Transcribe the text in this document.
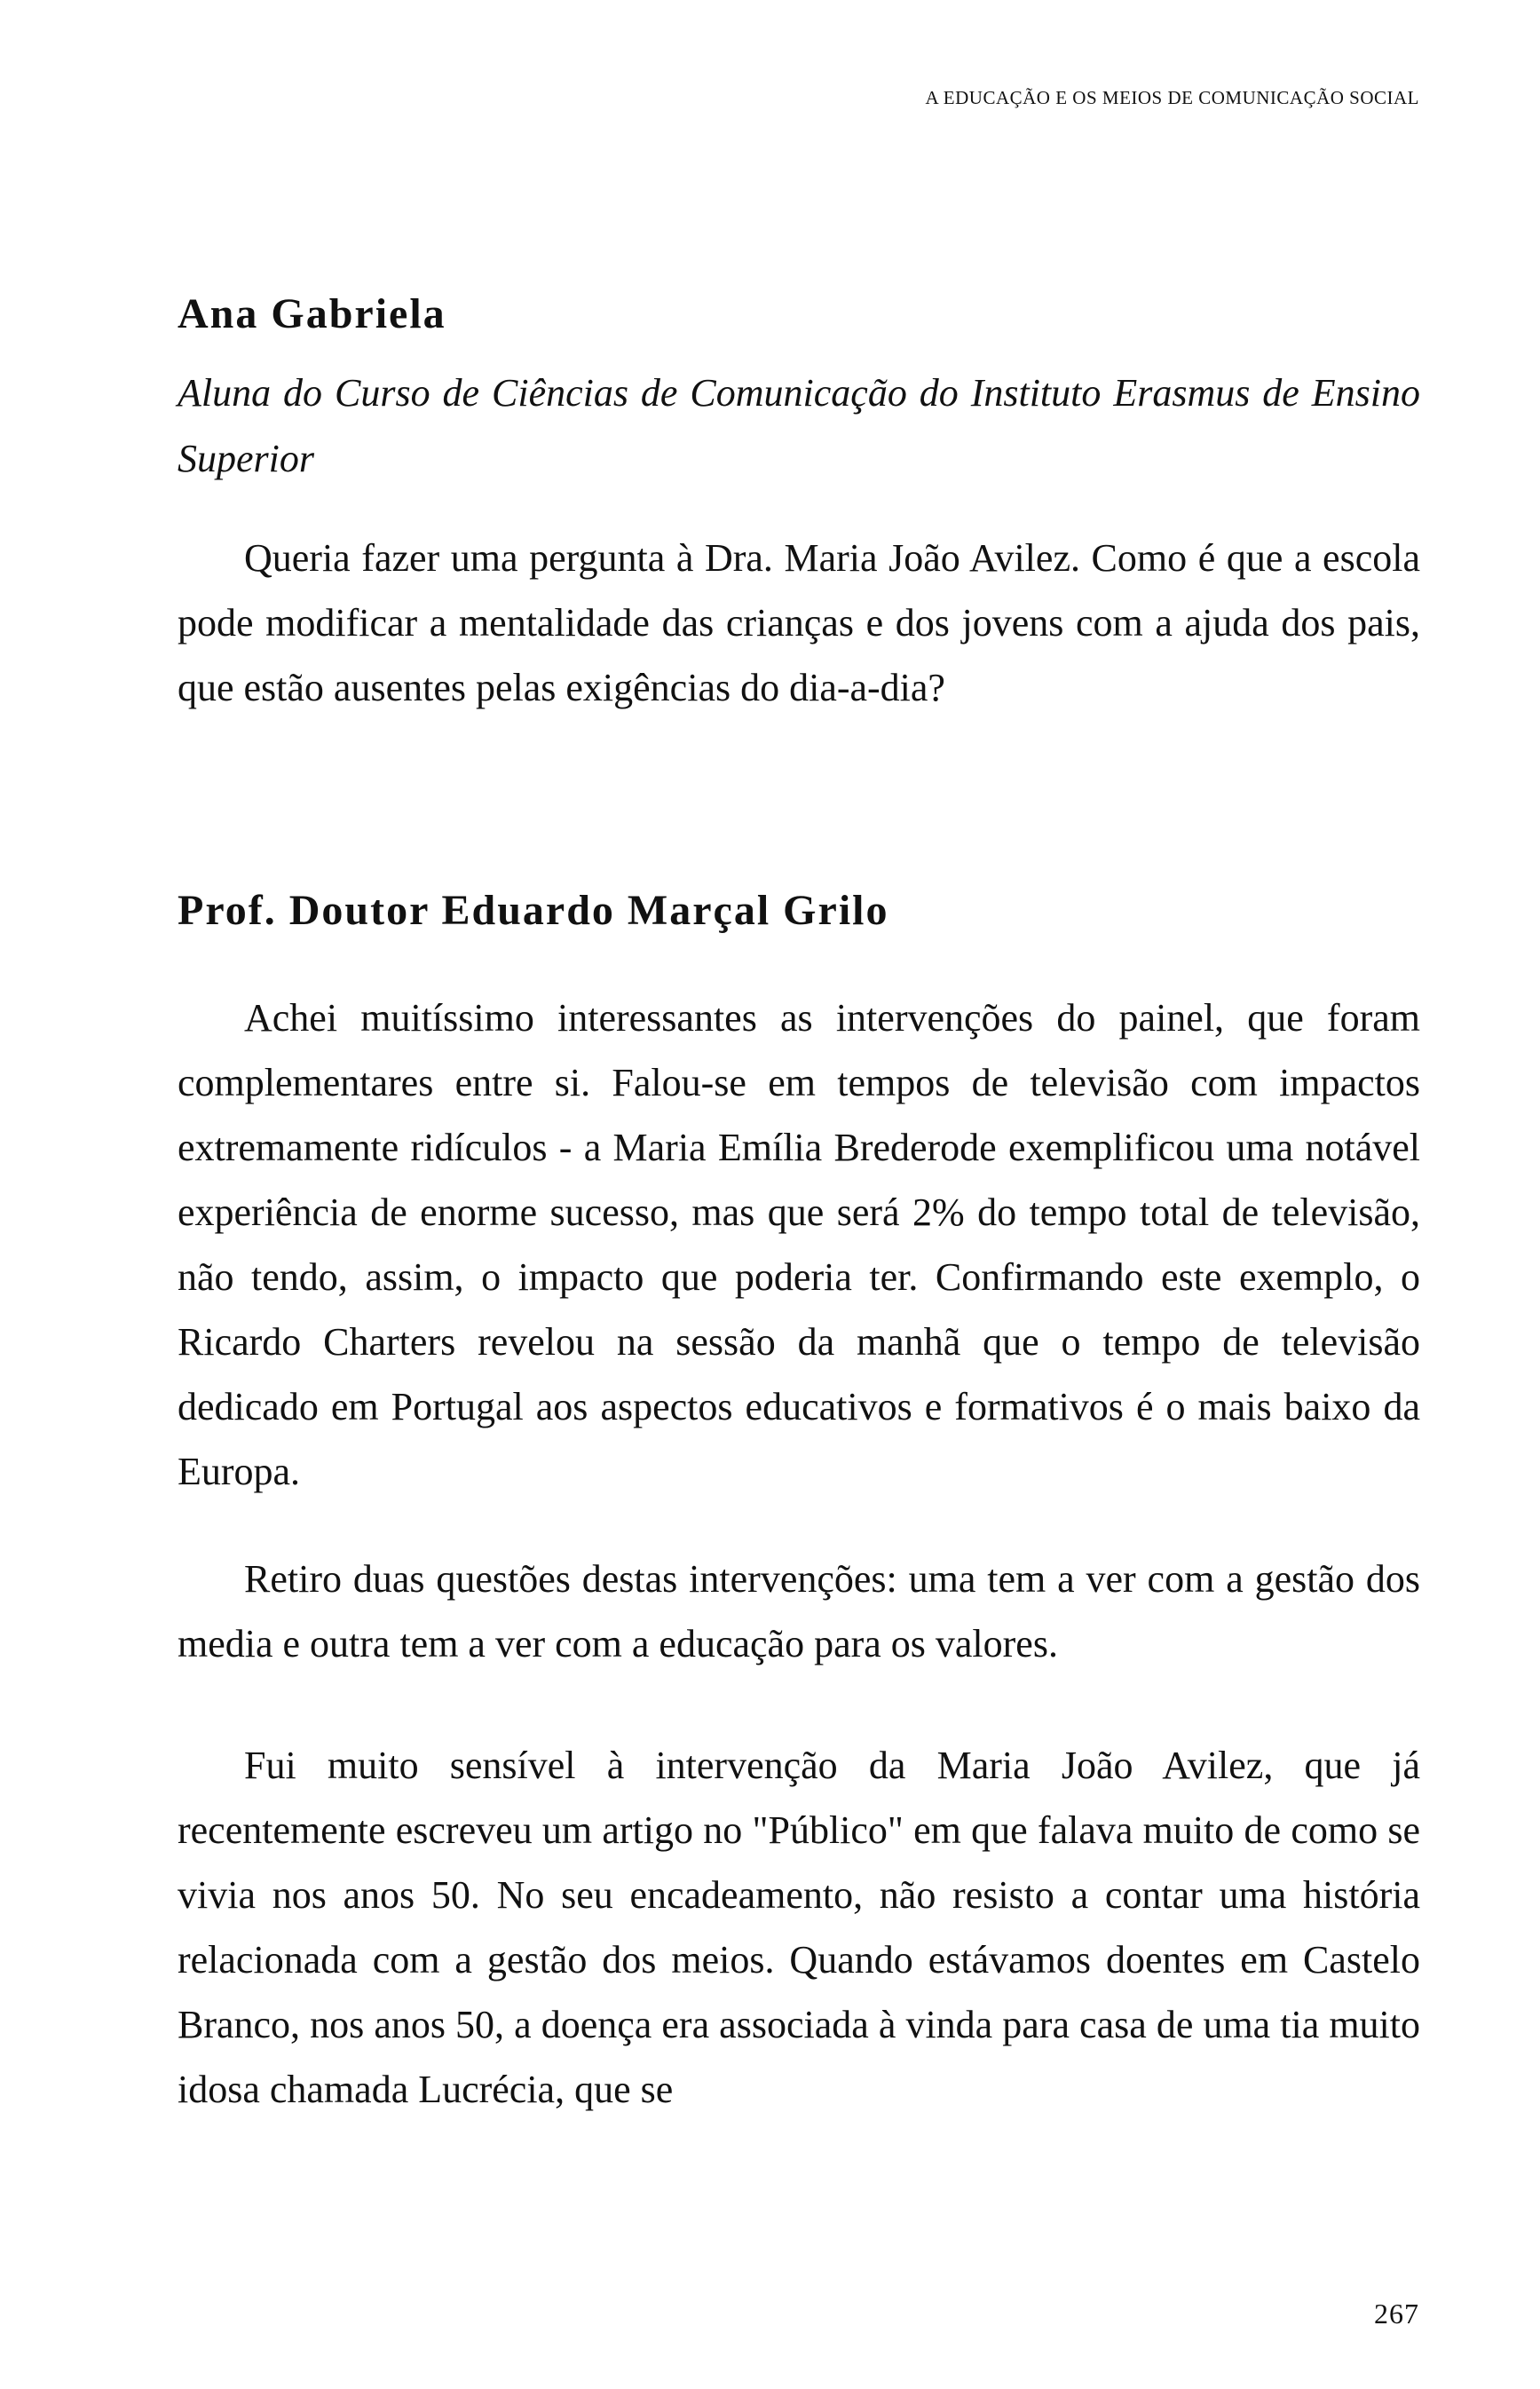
A EDUCAÇÃO E OS MEIOS DE COMUNICAÇÃO SOCIAL
Ana Gabriela

Aluna do Curso de Ciências de Comunicação do Instituto Erasmus de Ensino Superior

Queria fazer uma pergunta à Dra. Maria João Avilez. Como é que a escola pode modificar a mentalidade das crianças e dos jovens com a ajuda dos pais, que estão ausentes pelas exigências do dia-a-dia?

Prof. Doutor Eduardo Marçal Grilo

Achei muitíssimo interessantes as intervenções do painel, que foram complementares entre si. Falou-se em tempos de televisão com impactos extremamente ridículos - a Maria Emília Brederode exemplificou uma notável experiência de enorme sucesso, mas que será 2% do tempo total de televisão, não tendo, assim, o impacto que poderia ter. Confirmando este exemplo, o Ricardo Charters revelou na sessão da manhã que o tempo de televisão dedicado em Portugal aos aspectos educativos e formativos é o mais baixo da Europa.

Retiro duas questões destas intervenções: uma tem a ver com a gestão dos media e outra tem a ver com a educação para os valores.

Fui muito sensível à intervenção da Maria João Avilez, que já recentemente escreveu um artigo no "Público" em que falava muito de como se vivia nos anos 50. No seu encadeamento, não resisto a contar uma história relacionada com a gestão dos meios. Quando estávamos doentes em Castelo Branco, nos anos 50, a doença era associada à vinda para casa de uma tia muito idosa chamada Lucrécia, que se

267
